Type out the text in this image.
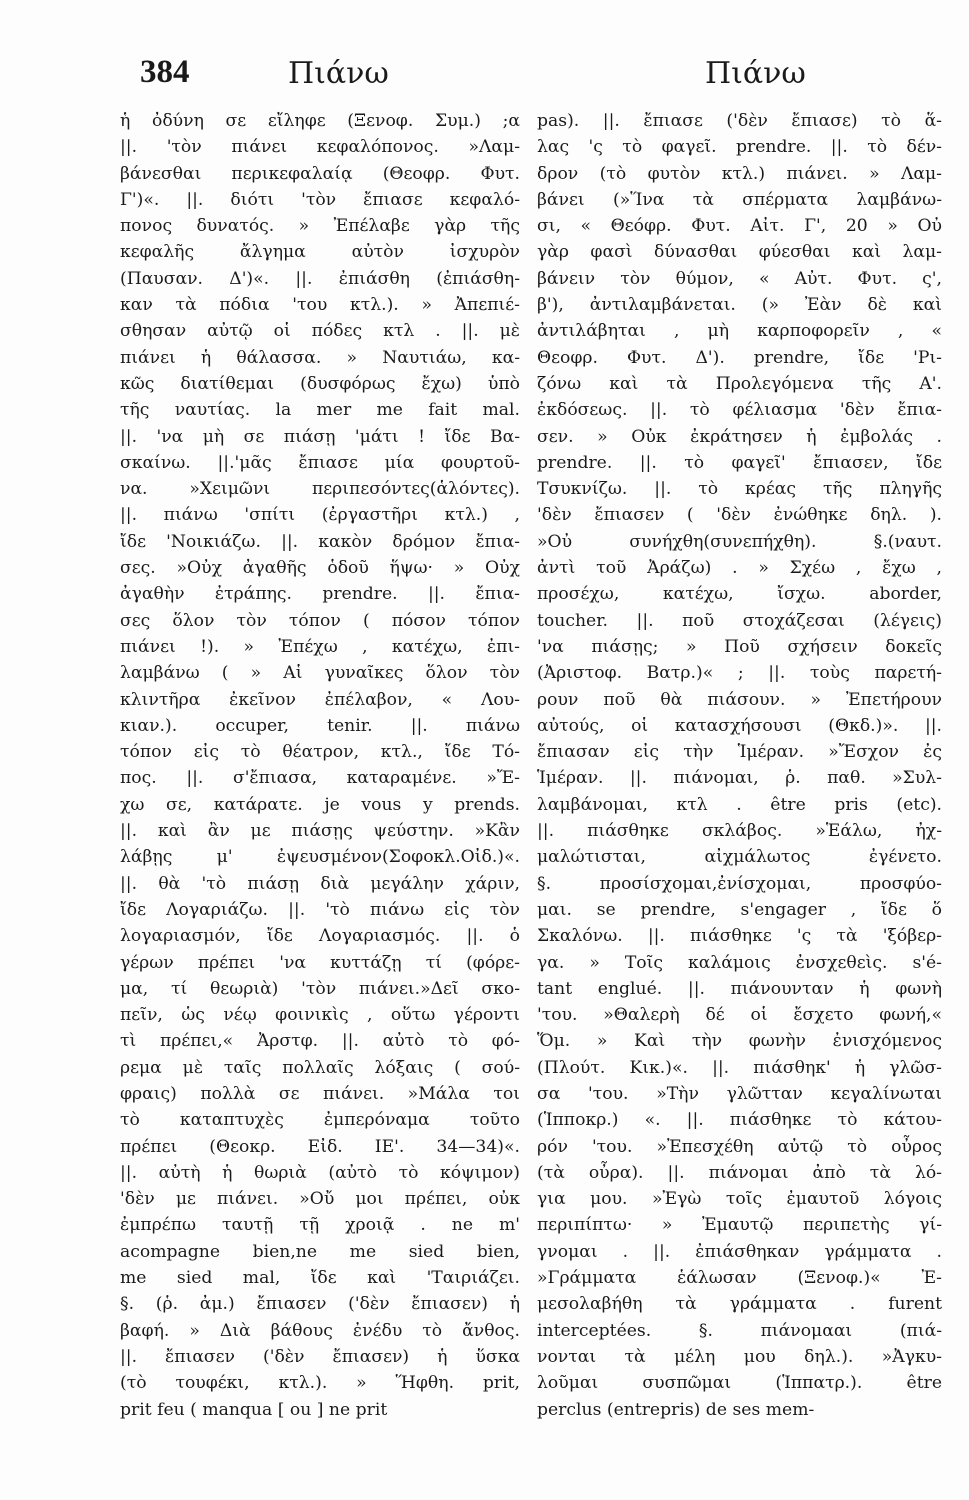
384	Πιάνω	Πιάνω
ἡ ὀδύνη σε εἴληφε (Ξενοφ. Συμ.) ;α
||. 'τὸν πιάνει κεφαλόπονος. »Λαμ-
βάνεσθαι περικεφαλαίᾳ (Θεοφρ. Φυτ.
Γ')«. ||. διότι 'τὸν ἔπιασε κεφαλό-
πονος δυνατός. » Ἐπέλαβε γὰρ τῆς
κεφαλῆς ἄλγημα αὐτὸν ἰσχυρὸν
(Παυσαν. Δ')«. ||. ἐπιάσθη (ἐπιάσθη-
καν τὰ πόδια 'του κτλ.). » Ἀπεπιέ-
σθησαν αὐτῷ οἱ πόδες κτλ . ||. μὲ
πιάνει ἡ θάλασσα. » Ναυτιάω, κα-
κῶς διατίθεμαι (δυσφόρως ἔχω) ὑπὸ
τῆς ναυτίας. la mer me fait mal.
||. 'να μὴ σε πιάσῃ 'μάτι ! ἴδε Βα-
σκαίνω. ||.'μᾶς ἔπιασε μία φουρτοῦ-
να. »Χειμῶνι περιπεσόντες(ἁλόντες).
||. πιάνω 'σπίτι (ἐργαστῆρι κτλ.) ,
ἴδε 'Νοικιάζω. ||. κακὸν δρόμον ἔπια-
σες. »Οὐχ ἀγαθῆς ὁδοῦ ἥψω· » Οὐχ
ἀγαθὴν ἐτράπης. prendre. ||. ἔπια-
σες ὅλον τὸν τόπον ( πόσον τόπον
πιάνει !). » Ἐπέχω , κατέχω, ἐπι-
λαμβάνω ( » Αἱ γυναῖκες ὅλον τὸν
κλιντῆρα ἐκεῖνον ἐπέλαβον, « Λου-
κιαν.). occuper, tenir. ||. πιάνω
τόπον εἰς τὸ θέατρον, κτλ., ἴδε Τό-
πος. ||. σ'ἔπιασα, καταραμένε. »Ἔ-
χω σε, κατάρατε. je vous y prends.
||. καὶ ἂν με πιάσῃς ψεύστην. »Κἂν
λάβῃς μ' ἐψευσμένον(Σοφοκλ.Οἰδ.)«.
||. θὰ 'τὸ πιάσῃ διὰ μεγάλην χάριν,
ἴδε Λογαριάζω. ||. 'τὸ πιάνω εἰς τὸν
λογαριασμόν, ἴδε Λογαριασμός. ||. ὁ
γέρων πρέπει 'να κυττάζῃ τί (φόρε-
μα, τί θεωριὰ) 'τὸν πιάνει.»Δεῖ σκο-
πεῖν, ὡς νέῳ φοινικὶς , οὕτω γέροντι
τὶ πρέπει,« Ἀρστφ. ||. αὐτὸ τὸ φό-
ρεμα μὲ ταῖς πολλαῖς λόξαις ( σού-
φραις) πολλὰ σε πιάνει. »Μάλα τοι
τὸ καταπτυχὲς ἐμπερόναμα τοῦτο
πρέπει (Θεοκρ. Εἰδ. ΙΕ'. 34—34)«.
||. αὐτὴ ἡ θωριὰ (αὐτὸ τὸ κόψιμον)
'δὲν με πιάνει. »Οὔ μοι πρέπει, οὐκ
ἐμπρέπω ταυτῇ τῇ χροιᾷ . ne m'
acompagne bien,ne me sied bien,
me sied mal, ἴδε καὶ 'Ταιριάζει.
§. (ῥ. ἀμ.) ἔπιασεν ('δὲν ἔπιασεν) ἡ
βαφή. » Διὰ βάθους ἐνέδυ τὸ ἄνθος.
||. ἔπιασεν ('δὲν ἔπιασεν) ἡ ὕσκα
(τὸ τουφέκι, κτλ.). » Ἥφθη. prit,
prit feu ( manqua [ ou ] ne prit
pas). ||. ἔπιασε ('δὲν ἔπιασε) τὸ ἅ-
λας 'ς τὸ φαγεῖ. prendre. ||. τὸ δέν-
δρον (τὸ φυτὸν κτλ.) πιάνει. » Λαμ-
βάνει (»Ἵνα τὰ σπέρματα λαμβάνω-
σι, « Θεόφρ. Φυτ. Αἰτ. Γ', 20 » Οὐ
γὰρ φασὶ δύνασθαι φύεσθαι καὶ λαμ-
βάνειν τὸν θύμον, « Αὐτ. Φυτ. ς',
β'), ἀντιλαμβάνεται. (» Ἐὰν δὲ καὶ
ἀντιλάβηται , μὴ καρποφορεῖν , «
Θεοφρ. Φυτ. Δ'). prendre, ἴδε 'Ρι-
ζόνω καὶ τὰ Προλεγόμενα τῆς Α'.
ἐκδόσεως. ||. τὸ φέλιασμα 'δὲν ἔπια-
σεν. » Οὐκ ἐκράτησεν ἡ ἐμβολάς .
prendre. ||. τὸ φαγεῖ' ἔπιασεν, ἴδε
Τσυκνίζω. ||. τὸ κρέας τῆς πληγῆς
'δὲν ἔπιασεν ( 'δὲν ἐνώθηκε δηλ. ).
»Οὐ συνήχθη(συνεπήχθη). §.(ναυτ.
ἀντὶ τοῦ Ἀράζω) . » Σχέω , ἔχω ,
προσέχω, κατέχω, ἴσχω. aborder,
toucher. ||. ποῦ στοχάζεσαι (λέγεις)
'να πιάσῃς; » Ποῦ σχήσειν δοκεῖς
(Ἀριστοφ. Βατρ.)« ; ||. τοὺς παρετή-
ρουν ποῦ θὰ πιάσουν. » Ἐπετήρουν
αὐτούς, οἱ κατασχήσουσι (Θκδ.)». ||.
ἔπιασαν εἰς τὴν Ἱμέραν. »Ἔσχον ἐς
Ἱμέραν. ||. πιάνομαι, ῥ. παθ. »Συλ-
λαμβάνομαι, κτλ . être pris (etc).
||. πιάσθηκε σκλάβος. »Ἑάλω, ἠχ-
μαλώτισται, αἰχμάλωτος ἐγένετο.
§. προσίσχομαι,ἐνίσχομαι, προσφύο-
μαι. se prendre, s'engager , ἴδε ὅ
Σκαλόνω. ||. πιάσθηκε 'ς τὰ 'ξόβερ-
γα. » Τοῖς καλάμοις ἐνσχεθεὶς. s'é-
tant englué. ||. πιάνουνταν ἡ φωνὴ
'του. »Θαλερὴ δέ οἱ ἔσχετο φωνή,«
Ὅμ. » Καὶ τὴν φωνὴν ἐνισχόμενος
(Πλούτ. Κικ.)«. ||. πιάσθηκ' ἡ γλῶσ-
σα 'του. »Τὴν γλῶτταν κεγαλίνωται
(Ἱπποκρ.) «. ||. πιάσθηκε τὸ κάτου-
ρόν 'του. »Ἐπεσχέθη αὐτῷ τὸ οὖρος
(τὰ οὖρα). ||. πιάνομαι ἀπὸ τὰ λό-
για μου. »Ἐγὼ τοῖς ἐμαυτοῦ λόγοις
περιπίπτω· » Ἐμαυτῷ περιπετὴς γί-
γνομαι . ||. ἐπιάσθηκαν γράμματα .
»Γράμματα ἑάλωσαν (Ξενοφ.)« Ἐ-
μεσολαβήθη τὰ γράμματα . furent
interceptées. §. πιάνομααι (πιά-
νονται τὰ μέλη μου δηλ.). »Ἀγκυ-
λοῦμαι συσπῶμαι (Ἱππατρ.). être
perclus (entrepris) de ses mem-
